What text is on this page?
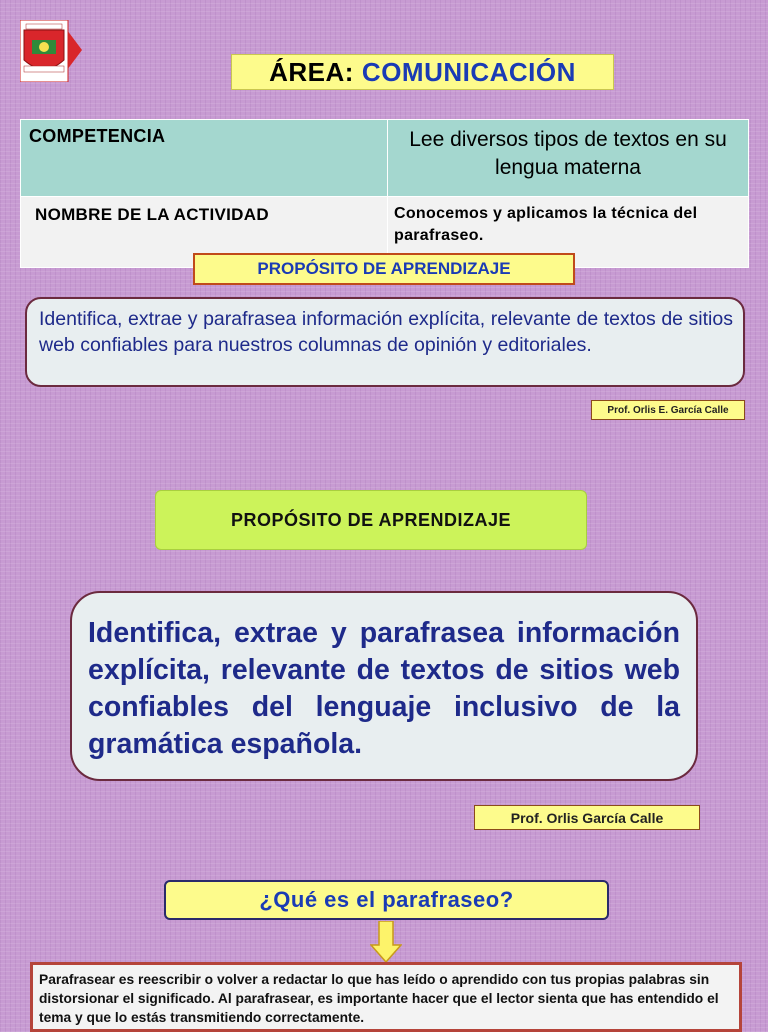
ÁREA: COMUNICACIÓN
COMPETENCIA	Lee diversos tipos de textos en su lengua materna
NOMBRE DE LA ACTIVIDAD	Conocemos y aplicamos la técnica del parafraseo.
PROPÓSITO DE APRENDIZAJE
Identifica, extrae y parafrasea información explícita, relevante de textos de sitios web confiables para nuestros columnas de opinión y editoriales.
Prof. Orlis E. García Calle
PROPÓSITO DE APRENDIZAJE
Identifica, extrae y parafrasea información explícita, relevante de textos de sitios web confiables del lenguaje inclusivo de la gramática española.
Prof. Orlis García Calle
¿Qué es el parafraseo?
Parafrasear es reescribir o volver a redactar lo que has leído o aprendido con tus propias palabras sin distorsionar el significado. Al parafrasear, es importante hacer que el lector sienta que has entendido el tema y que lo estás transmitiendo correctamente.
